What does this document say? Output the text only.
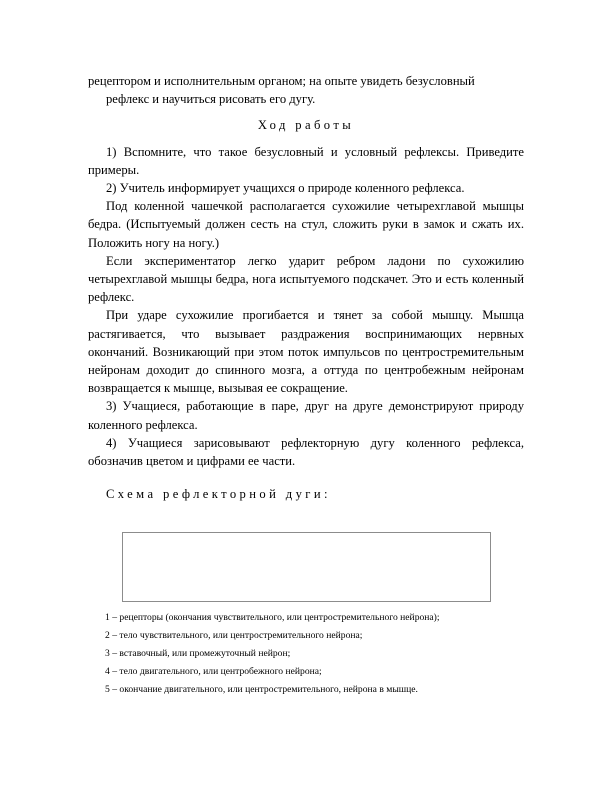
рецептором и исполнительным органом; на опыте увидеть безусловный

рефлекс и научиться рисовать его дугу.

Ход работы

1) Вспомните, что такое безусловный и условный рефлексы. Приведите примеры.

2) Учитель информирует учащихся о природе коленного рефлекса.

Под коленной чашечкой располагается сухожилие четырехглавой мышцы бедра. (Испытуемый должен сесть на стул, сложить руки в замок и сжать их. Положить ногу на ногу.)

Если экспериментатор легко ударит ребром ладони по сухожилию четырехглавой мышцы бедра, нога испытуемого подскачет. Это и есть коленный рефлекс.

При ударе сухожилие прогибается и тянет за собой мышцу. Мышца растягивается, что вызывает раздражения воспринимающих нервных окончаний. Возникающий при этом поток импульсов по центростремительным нейронам доходит до спинного мозга, а оттуда по центробежным нейронам возвращается к мышце, вызывая ее сокращение.

3) Учащиеся, работающие в паре, друг на друге демонстрируют природу коленного рефлекса.

4) Учащиеся зарисовывают рефлекторную дугу коленного рефлекса, обозначив цветом и цифрами ее части.

Схема рефлекторной дуги:

1 – рецепторы (окончания чувствительного, или центростремительного нейрона);

2 – тело чувствительного, или центростремительного нейрона;

3 – вставочный, или промежуточный нейрон;

4 – тело двигательного, или центробежного нейрона;

5 – окончание двигательного, или центростремительного, нейрона в мышце.
